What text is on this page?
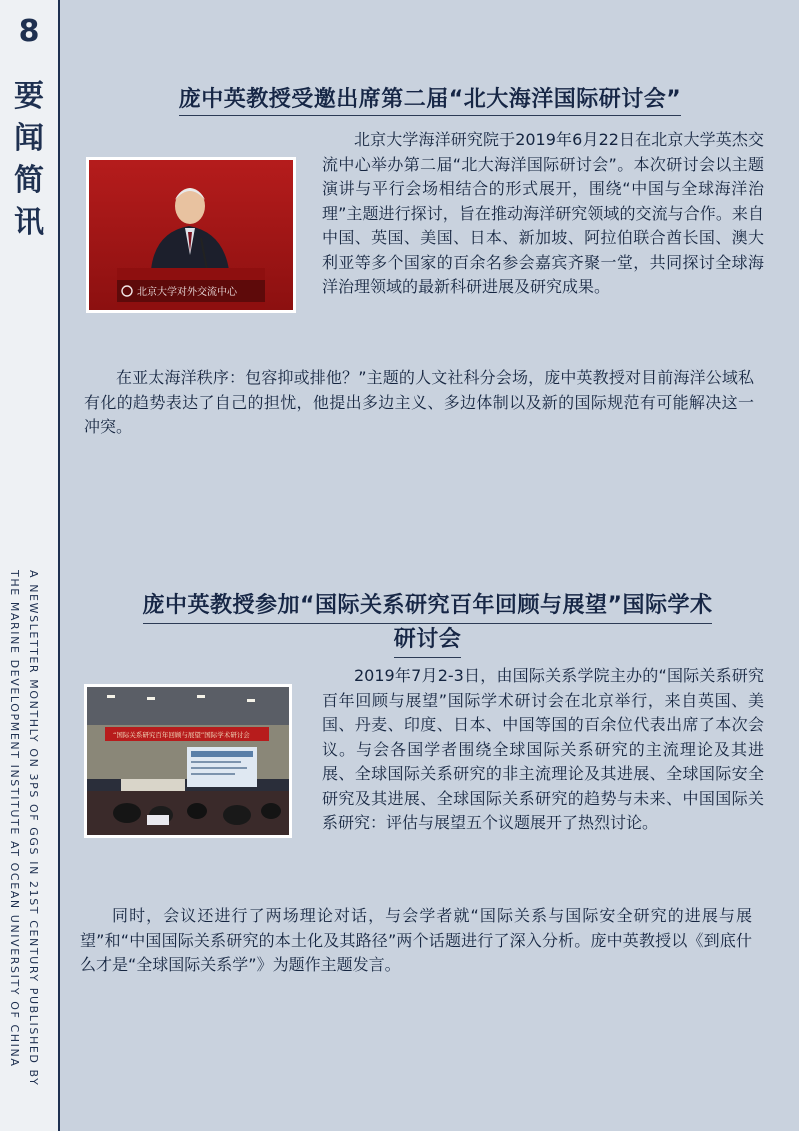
8
要
闻
简
讯
A NEWSLETTER MONTHLY ON 3PS OF GGS IN 21ST CENTURY PUBLISHED BY
THE MARINE DEVELOPMENT INSTITUTE AT OCEAN UNIVERSITY OF CHINA
庞中英教授受邀出席第二届“北大海洋国际研讨会”
北京大学对外交流中心

北京大学海洋研究院于2019年6月22日在北京大学英杰交流中心举办第二届“北大海洋国际研讨会”。本次研讨会以主题演讲与平行会场相结合的形式展开，围绕“中国与全球海洋治理”主题进行探讨，旨在推动海洋研究领域的交流与合作。来自中国、英国、美国、日本、新加坡、阿拉伯联合酋长国、澳大利亚等多个国家的百余名参会嘉宾齐聚一堂，共同探讨全球海洋治理领域的最新科研进展及研究成果。

在亚太海洋秩序：包容抑或排他？”主题的人文社科分会场，庞中英教授对目前海洋公域私有化的趋势表达了自己的担忧，他提出多边主义、多边体制以及新的国际规范有可能解决这一冲突。

庞中英教授参加“国际关系研究百年回顾与展望”国际学术
研讨会
“国际关系研究百年回顾与展望”国际学术研讨会

2019年7月2-3日，由国际关系学院主办的“国际关系研究百年回顾与展望”国际学术研讨会在北京举行，来自英国、美国、丹麦、印度、日本、中国等国的百余位代表出席了本次会议。与会各国学者围绕全球国际关系研究的主流理论及其进展、全球国际关系研究的非主流理论及其进展、全球国际安全研究及其进展、全球国际关系研究的趋势与未来、中国国际关系研究：评估与展望五个议题展开了热烈讨论。

同时，会议还进行了两场理论对话，与会学者就“国际关系与国际安全研究的进展与展望”和“中国国际关系研究的本土化及其路径”两个话题进行了深入分析。庞中英教授以《到底什么才是“全球国际关系学”》为题作主题发言。
